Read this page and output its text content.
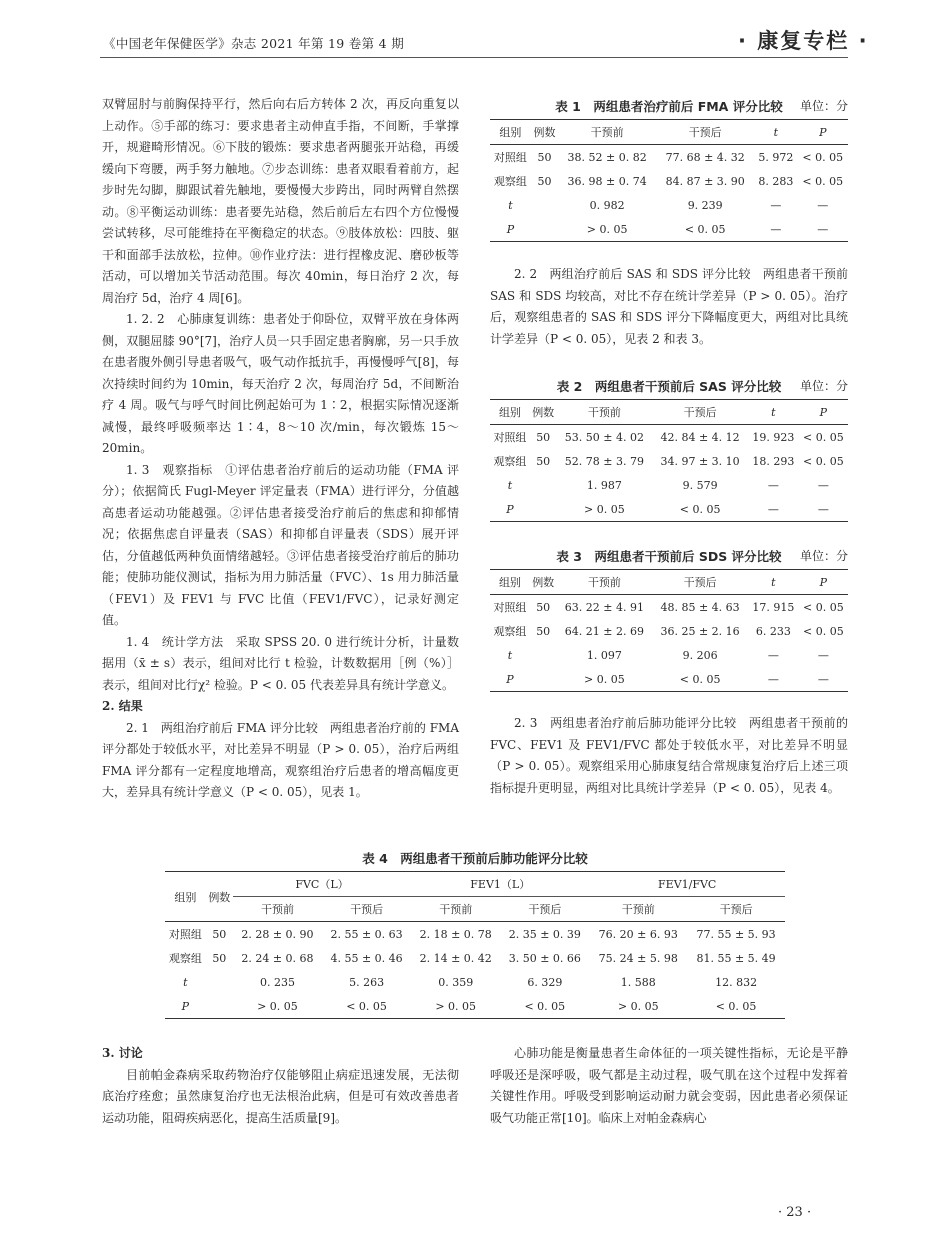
《中国老年保健医学》杂志 2021 年第 19 卷第 4 期	· 康复专栏 ·

双臂屈肘与前胸保持平行，然后向右后方转体 2 次，再反向重复以上动作。⑤手部的练习：要求患者主动伸直手指，不间断，手掌撑开，规避畸形情况。⑥下肢的锻炼：要求患者两腿张开站稳，再缓缓向下弯腰，两手努力触地。⑦步态训练：患者双眼看着前方，起步时先勾脚，脚跟试着先触地，要慢慢大步跨出，同时两臂自然摆动。⑧平衡运动训练：患者要先站稳，然后前后左右四个方位慢慢尝试转移，尽可能维持在平衡稳定的状态。⑨肢体放松：四肢、躯干和面部手法放松，拉伸。⑩作业疗法：进行捏橡皮泥、磨砂板等活动，可以增加关节活动范围。每次 40min，每日治疗 2 次，每周治疗 5d，治疗 4 周[6]。

1. 2. 2　心肺康复训练：患者处于仰卧位，双臂平放在身体两侧，双腿屈膝 90°[7]，治疗人员一只手固定患者胸廓，另一只手放在患者腹外侧引导患者吸气，吸气动作抵抗手，再慢慢呼气[8]，每次持续时间约为 10min，每天治疗 2 次，每周治疗 5d，不间断治疗 4 周。吸气与呼气时间比例起始可为 1∶2，根据实际情况逐渐减慢，最终呼吸频率达 1∶4，8～10 次/min，每次锻炼 15～20min。

1. 3　观察指标　①评估患者治疗前后的运动功能（FMA 评分）；依据简氏 Fugl-Meyer 评定量表（FMA）进行评分，分值越高患者运动功能越强。②评估患者接受治疗前后的焦虑和抑郁情况；依据焦虑自评量表（SAS）和抑郁自评量表（SDS）展开评估，分值越低两种负面情绪越轻。③评估患者接受治疗前后的肺功能；使肺功能仪测试，指标为用力肺活量（FVC）、1s 用力肺活量（FEV1）及 FEV1 与 FVC 比值（FEV1/FVC），记录好测定值。

1. 4　统计学方法　采取 SPSS 20. 0 进行统计分析，计量数据用（x̄ ± s）表示，组间对比行 t 检验，计数数据用［例（%）］表示，组间对比行χ² 检验。P < 0. 05 代表差异具有统计学意义。

2. 结果

2. 1　两组治疗前后 FMA 评分比较　两组患者治疗前的 FMA 评分都处于较低水平，对比差异不明显（P > 0. 05），治疗后两组 FMA 评分都有一定程度地增高，观察组治疗后患者的增高幅度更大，差异具有统计学意义（P < 0. 05），见表 1。

表 1　两组患者治疗前后 FMA 评分比较 单位：分
组别	例数	干预前	干预后	t	P
对照组	50	38. 52 ± 0. 82	77. 68 ± 4. 32	5. 972	< 0. 05
观察组	50	36. 98 ± 0. 74	84. 87 ± 3. 90	8. 283	< 0. 05
t		0. 982	9. 239	—	—
P		> 0. 05	< 0. 05	—	—

2. 2　两组治疗前后 SAS 和 SDS 评分比较　两组患者干预前 SAS 和 SDS 均较高，对比不存在统计学差异（P > 0. 05）。治疗后，观察组患者的 SAS 和 SDS 评分下降幅度更大，两组对比具统计学差异（P < 0. 05），见表 2 和表 3。

表 2　两组患者干预前后 SAS 评分比较 单位：分
组别	例数	干预前	干预后	t	P
对照组	50	53. 50 ± 4. 02	42. 84 ± 4. 12	19. 923	< 0. 05
观察组	50	52. 78 ± 3. 79	34. 97 ± 3. 10	18. 293	< 0. 05
t		1. 987	9. 579	—	—
P		> 0. 05	< 0. 05	—	—
表 3　两组患者干预前后 SDS 评分比较 单位：分
组别	例数	干预前	干预后	t	P
对照组	50	63. 22 ± 4. 91	48. 85 ± 4. 63	17. 915	< 0. 05
观察组	50	64. 21 ± 2. 69	36. 25 ± 2. 16	6. 233	< 0. 05
t		1. 097	9. 206	—	—
P		> 0. 05	< 0. 05	—	—

2. 3　两组患者治疗前后肺功能评分比较　两组患者干预前的 FVC、FEV1 及 FEV1/FVC 都处于较低水平，对比差异不明显（P > 0. 05）。观察组采用心肺康复结合常规康复治疗后上述三项指标提升更明显，两组对比具统计学差异（P < 0. 05），见表 4。

表 4　两组患者干预前后肺功能评分比较
组别	例数	FVC（L）		FEV1（L）		FEV1/FVC	
		干预前	干预后	干预前	干预后	干预前	干预后
对照组	50	2. 28 ± 0. 90	2. 55 ± 0. 63	2. 18 ± 0. 78	2. 35 ± 0. 39	76. 20 ± 6. 93	77. 55 ± 5. 93
观察组	50	2. 24 ± 0. 68	4. 55 ± 0. 46	2. 14 ± 0. 42	3. 50 ± 0. 66	75. 24 ± 5. 98	81. 55 ± 5. 49
t		0. 235	5. 263	0. 359	6. 329	1. 588	12. 832
P		> 0. 05	< 0. 05	> 0. 05	< 0. 05	> 0. 05	< 0. 05

3. 讨论

目前帕金森病采取药物治疗仅能够阻止病症迅速发展，无法彻底治疗痊愈；虽然康复治疗也无法根治此病，但是可有效改善患者运动功能，阻碍疾病恶化，提高生活质量[9]。

心肺功能是衡量患者生命体征的一项关键性指标，无论是平静呼吸还是深呼吸，吸气都是主动过程，吸气肌在这个过程中发挥着关键性作用。呼吸受到影响运动耐力就会变弱，因此患者必须保证吸气功能正常[10]。临床上对帕金森病心

· 23 ·
